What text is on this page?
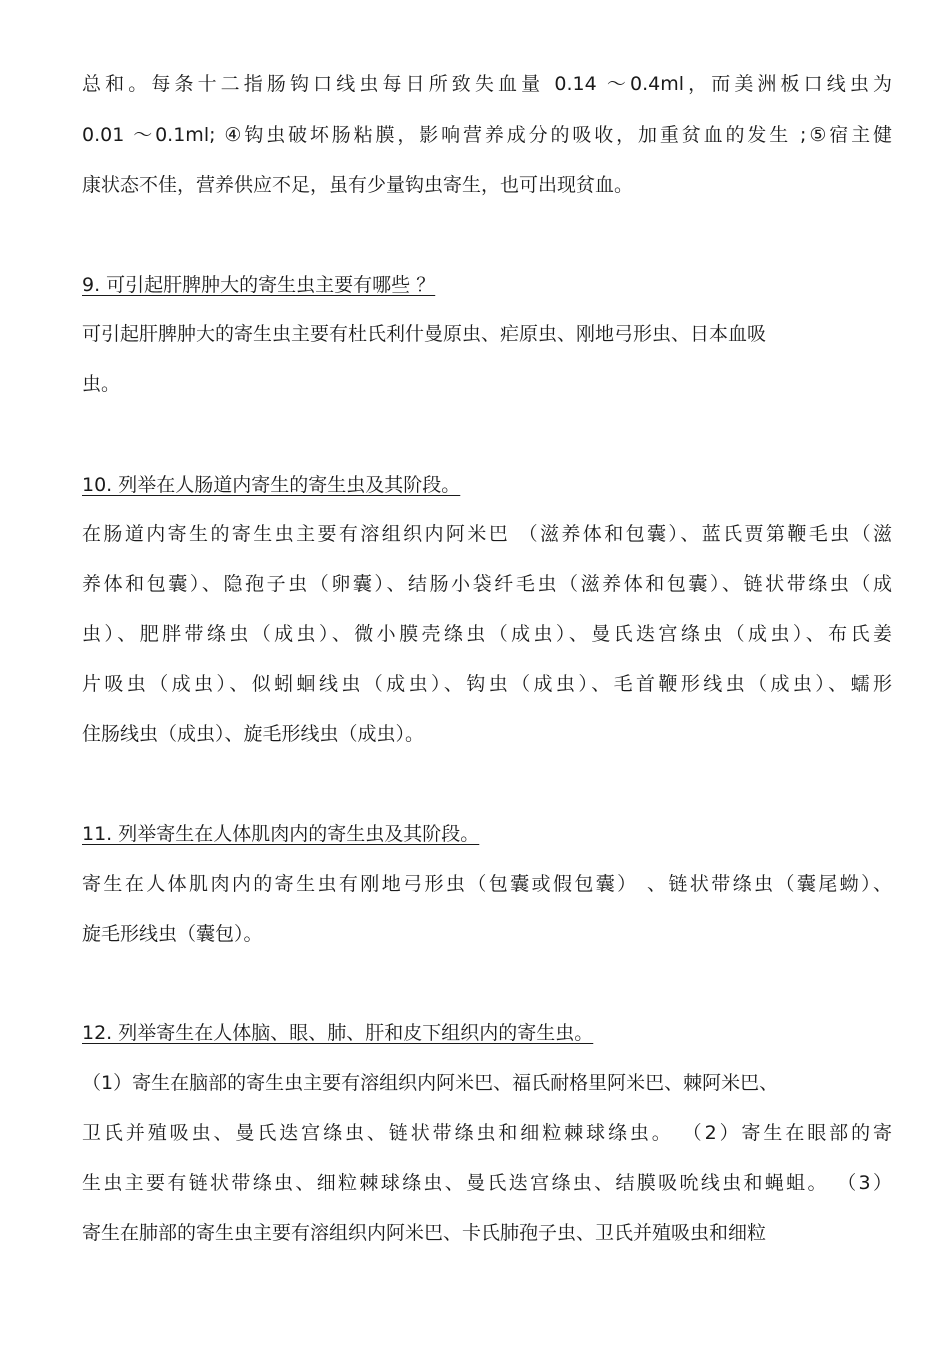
总和。每条十二指肠钩口线虫每日所致失血量 0.14 ～0.4ml，而美洲板口线虫为
0.01 ～0.1ml; ④钩虫破坏肠粘膜，影响营养成分的吸收，加重贫血的发生 ;⑤宿主健
康状态不佳，营养供应不足，虽有少量钩虫寄生，也可出现贫血。
9. 可引起肝脾肿大的寄生虫主要有哪些 ？
可引起肝脾肿大的寄生虫主要有杜氏利什曼原虫、疟原虫、刚地弓形虫、日本血吸
虫。
10. 列举在人肠道内寄生的寄生虫及其阶段。
在肠道内寄生的寄生虫主要有溶组织内阿米巴 （滋养体和包囊）、蓝氏贾第鞭毛虫（滋
养体和包囊）、隐孢子虫（卵囊）、结肠小袋纤毛虫（滋养体和包囊）、链状带绦虫（成
虫）、肥胖带绦虫（成虫）、微小膜壳绦虫（成虫）、曼氏迭宫绦虫（成虫）、布氏姜
片吸虫（成虫）、似蚓蛔线虫（成虫）、钩虫（成虫）、毛首鞭形线虫（成虫）、蠕形
住肠线虫（成虫）、旋毛形线虫（成虫）。
11. 列举寄生在人体肌肉内的寄生虫及其阶段。
寄生在人体肌肉内的寄生虫有刚地弓形虫（包囊或假包囊） 、链状带绦虫（囊尾蚴）、
旋毛形线虫（囊包）。
12. 列举寄生在人体脑、眼、肺、肝和皮下组织内的寄生虫。
（1）寄生在脑部的寄生虫主要有溶组织内阿米巴、福氏耐格里阿米巴、棘阿米巴、
卫氏并殖吸虫、曼氏迭宫绦虫、链状带绦虫和细粒棘球绦虫。 （2）寄生在眼部的寄
生虫主要有链状带绦虫、细粒棘球绦虫、曼氏迭宫绦虫、结膜吸吮线虫和蝇蛆。 （3）
寄生在肺部的寄生虫主要有溶组织内阿米巴、卡氏肺孢子虫、卫氏并殖吸虫和细粒
